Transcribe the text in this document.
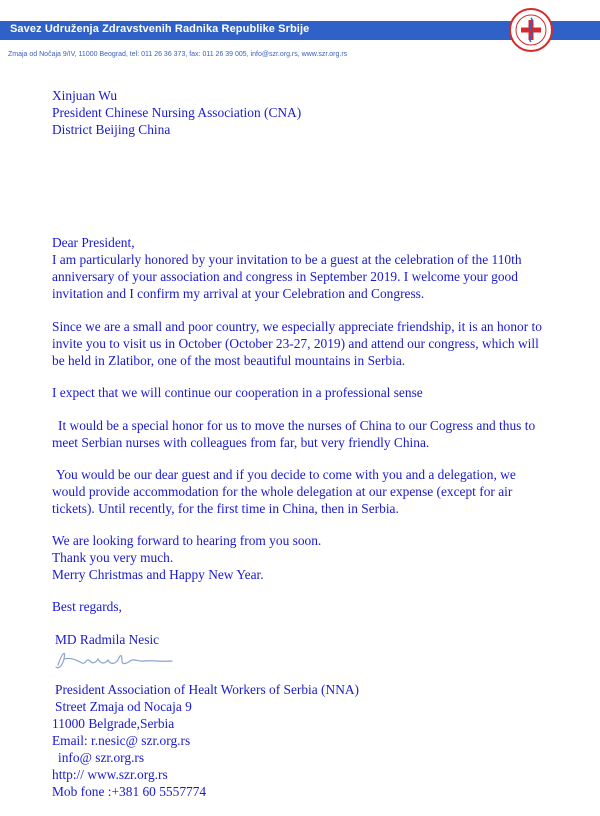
Savez Udruženja Zdravstvenih Radnika Republike Srbije
Zmaja od Nočaja 9/IV, 11000 Beograd, tel: 011 26 36 373, fax: 011 26 39 005, info@szr.org.rs, www.szr.org.rs
Xinjuan Wu
President Chinese Nursing Association (CNA)
District Beijing China
Dear President,
I am particularly honored by your invitation to be a guest at the celebration of the 110th
anniversary of your association and congress in September 2019. I welcome your good
invitation and I confirm my arrival at your Celebration and Congress.
Since we are a small and poor country, we especially appreciate friendship, it is an honor to
invite you to visit us in October (October 23-27, 2019) and attend our congress, which will
be held in Zlatibor, one of the most beautiful mountains in Serbia.
I expect that we will continue our cooperation in a professional sense
It would be a special honor for us to move the nurses of China to our Cogress and thus to
meet Serbian nurses with colleagues from far, but very friendly China.
You would be our dear guest and if you decide to come with you and a delegation, we
would provide accommodation for the whole delegation at our expense (except for air
tickets). Until recently, for the first time in China, then in Serbia.
We are looking forward to hearing from you soon.
Thank you very much.
Merry Christmas and Happy New Year.
Best regards,
MD Radmila Nesic
President Association of Healt Workers of Serbia (NNA)
Street Zmaja od Nocaja 9
11000 Belgrade,Serbia
Email: r.nesic@ szr.org.rs
info@ szr.org.rs
http:// www.szr.org.rs
Mob fone :+381 60 5557774
